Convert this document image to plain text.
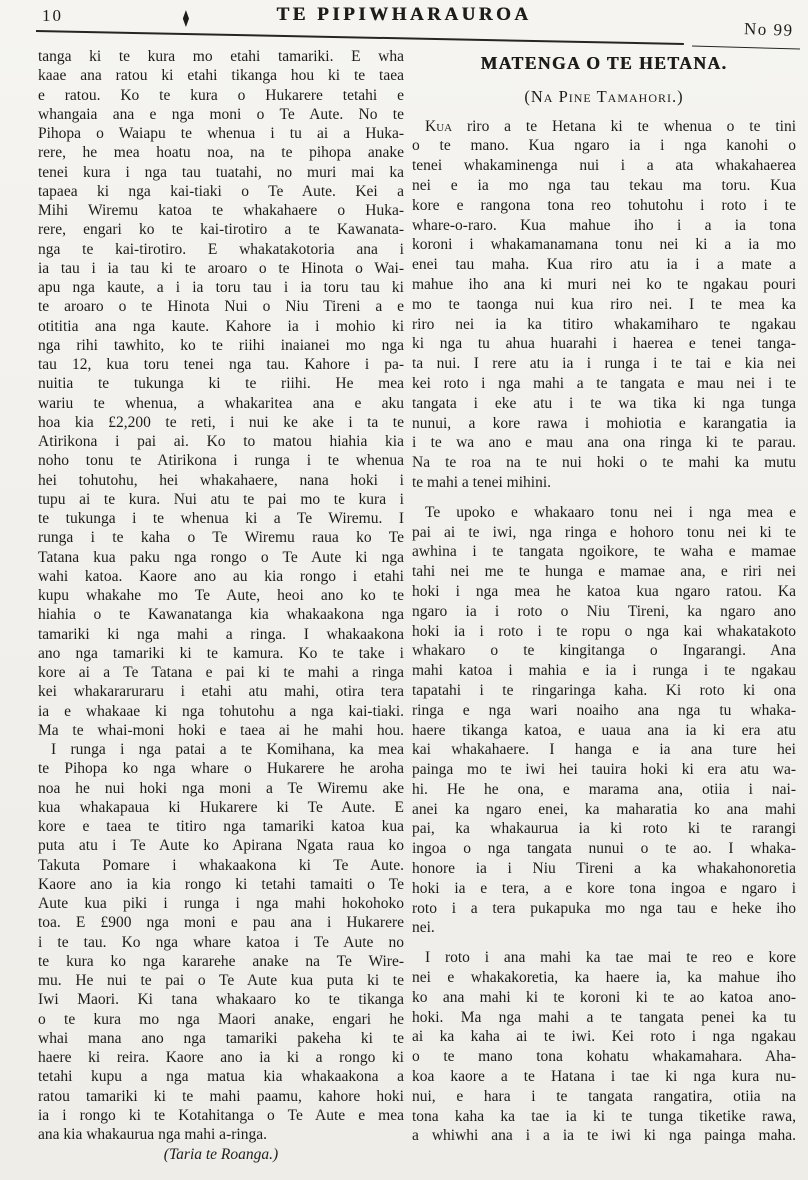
10	TE PIPIWHARAUROA
No 99
♦
tanga ki te kura mo etahi tamariki. E wha
kaae ana ratou ki etahi tikanga hou ki te taea
e ratou. Ko te kura o Hukarere tetahi e
whangaia ana e nga moni o Te Aute. No te
Pihopa o Waiapu te whenua i tu ai a Huka-
rere, he mea hoatu noa, na te pihopa anake
tenei kura i nga tau tuatahi, no muri mai ka
tapaea ki nga kai-tiaki o Te Aute. Kei a
Mihi Wiremu katoa te whakahaere o Huka-
rere, engari ko te kai-tirotiro a te Kawanata-
nga te kai-tirotiro. E whakatakotoria ana i
ia tau i ia tau ki te aroaro o te Hinota o Wai-
apu nga kaute, a i ia toru tau i ia toru tau ki
te aroaro o te Hinota Nui o Niu Tireni a e
otititia ana nga kaute. Kahore ia i mohio ki
nga rihi tawhito, ko te riihi inaianei mo nga
tau 12, kua toru tenei nga tau. Kahore i pa-
nuitia te tukunga ki te riihi. He mea
wariu te whenua, a whakaritea ana e aku
hoa kia £2,200 te reti, i nui ke ake i ta te
Atirikona i pai ai. Ko to matou hiahia kia
noho tonu te Atirikona i runga i te whenua
hei tohutohu, hei whakahaere, nana hoki i
tupu ai te kura. Nui atu te pai mo te kura i
te tukunga i te whenua ki a Te Wiremu. I
runga i te kaha o Te Wiremu raua ko Te
Tatana kua paku nga rongo o Te Aute ki nga
wahi katoa. Kaore ano au kia rongo i etahi
kupu whakahe mo Te Aute, heoi ano ko te
hiahia o te Kawanatanga kia whakaakona nga
tamariki ki nga mahi a ringa. I whakaakona
ano nga tamariki ki te kamura. Ko te take i
kore ai a Te Tatana e pai ki te mahi a ringa
kei whakararuraru i etahi atu mahi, otira tera
ia e whakaae ki nga tohutohu a nga kai-tiaki.
Ma te whai-moni hoki e taea ai he mahi hou.
I runga i nga patai a te Komihana, ka mea
te Pihopa ko nga whare o Hukarere he aroha
noa he nui hoki nga moni a Te Wiremu ake
kua whakapaua ki Hukarere ki Te Aute. E
kore e taea te titiro nga tamariki katoa kua
puta atu i Te Aute ko Apirana Ngata raua ko
Takuta Pomare i whakaakona ki Te Aute.
Kaore ano ia kia rongo ki tetahi tamaiti o Te
Aute kua piki i runga i nga mahi hokohoko
toa. E £900 nga moni e pau ana i Hukarere
i te tau. Ko nga whare katoa i Te Aute no
te kura ko nga kararehe anake na Te Wire-
mu. He nui te pai o Te Aute kua puta ki te
Iwi Maori. Ki tana whakaaro ko te tikanga
o te kura mo nga Maori anake, engari he
whai mana ano nga tamariki pakeha ki te
haere ki reira. Kaore ano ia ki a rongo ki
tetahi kupu a nga matua kia whakaakona a
ratou tamariki ki te mahi paamu, kahore hoki
ia i rongo ki te Kotahitanga o Te Aute e mea
ana kia whakaurua nga mahi a-ringa.
(Taria te Roanga.)
MATENGA O TE HETANA.
(Na Pine Tamahori.)
Kua riro a te Hetana ki te whenua o te tini
o te mano. Kua ngaro ia i nga kanohi o
tenei whakaminenga nui i a ata whakahaerea
nei e ia mo nga tau tekau ma toru. Kua
kore e rangona tona reo tohutohu i roto i te
whare-o-raro. Kua mahue iho i a ia tona
koroni i whakamanamana tonu nei ki a ia mo
enei tau maha. Kua riro atu ia i a mate a
mahue iho ana ki muri nei ko te ngakau pouri
mo te taonga nui kua riro nei. I te mea ka
riro nei ia ka titiro whakamiharo te ngakau
ki nga tu ahua huarahi i haerea e tenei tanga-
ta nui. I rere atu ia i runga i te tai e kia nei
kei roto i nga mahi a te tangata e mau nei i te
tangata i eke atu i te wa tika ki nga tunga
nunui, a kore rawa i mohiotia e karangatia ia
i te wa ano e mau ana ona ringa ki te parau.
Na te roa na te nui hoki o te mahi ka mutu
te mahi a tenei mihini.
Te upoko e whakaaro tonu nei i nga mea e
pai ai te iwi, nga ringa e hohoro tonu nei ki te
awhina i te tangata ngoikore, te waha e mamae
tahi nei me te hunga e mamae ana, e riri nei
hoki i nga mea he katoa kua ngaro ratou. Ka
ngaro ia i roto o Niu Tireni, ka ngaro ano
hoki ia i roto i te ropu o nga kai whakatakoto
whakaro o te kingitanga o Ingarangi. Ana
mahi katoa i mahia e ia i runga i te ngakau
tapatahi i te ringaringa kaha. Ki roto ki ona
ringa e nga wari noaiho ana nga tu whaka-
haere tikanga katoa, e uaua ana ia ki era atu
kai whakahaere. I hanga e ia ana ture hei
painga mo te iwi hei tauira hoki ki era atu wa-
hi. He he ona, e marama ana, otiia i nai-
anei ka ngaro enei, ka maharatia ko ana mahi
pai, ka whakaurua ia ki roto ki te rarangi
ingoa o nga tangata nunui o te ao. I whaka-
honore ia i Niu Tireni a ka whakahonoretia
hoki ia e tera, a e kore tona ingoa e ngaro i
roto i a tera pukapuka mo nga tau e heke iho
nei.
I roto i ana mahi ka tae mai te reo e kore
nei e whakakoretia, ka haere ia, ka mahue iho
ko ana mahi ki te koroni ki te ao katoa ano-
hoki. Ma nga mahi a te tangata penei ka tu
ai ka kaha ai te iwi. Kei roto i nga ngakau
o te mano tona kohatu whakamahara. Aha-
koa kaore a te Hatana i tae ki nga kura nu-
nui, e hara i te tangata rangatira, otiia na
tona kaha ka tae ia ki te tunga tiketike rawa,
a whiwhi ana i a ia te iwi ki nga painga maha.
